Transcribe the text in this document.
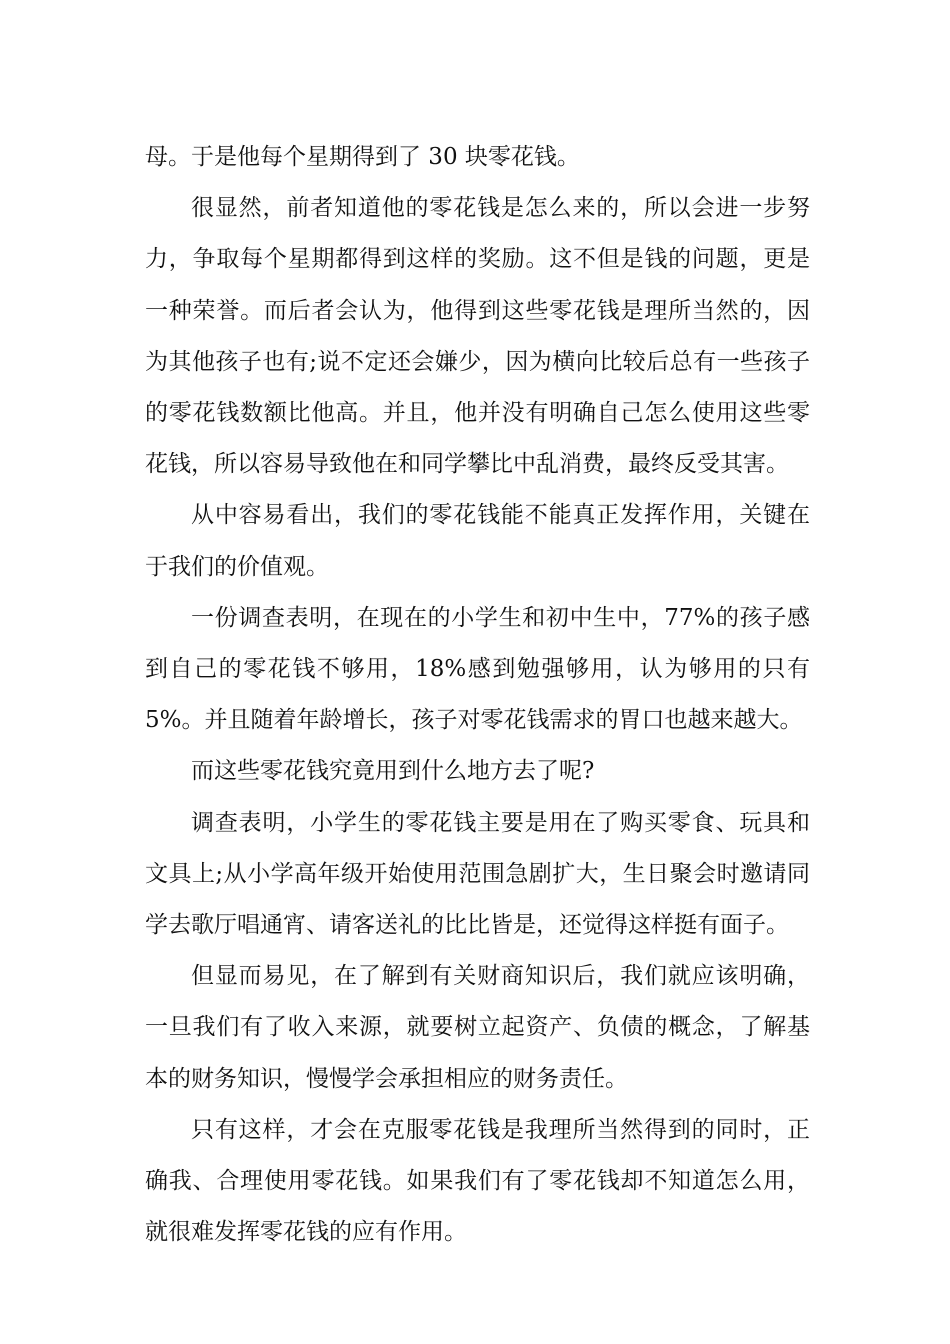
母。于是他每个星期得到了 30 块零花钱。

很显然，前者知道他的零花钱是怎么来的，所以会进一步努力，争取每个星期都得到这样的奖励。这不但是钱的问题，更是一种荣誉。而后者会认为，他得到这些零花钱是理所当然的，因为其他孩子也有;说不定还会嫌少，因为横向比较后总有一些孩子的零花钱数额比他高。并且，他并没有明确自己怎么使用这些零花钱，所以容易导致他在和同学攀比中乱消费，最终反受其害。

从中容易看出，我们的零花钱能不能真正发挥作用，关键在于我们的价值观。

一份调查表明，在现在的小学生和初中生中，77%的孩子感到自己的零花钱不够用，18%感到勉强够用，认为够用的只有 5%。并且随着年龄增长，孩子对零花钱需求的胃口也越来越大。

而这些零花钱究竟用到什么地方去了呢?

调查表明，小学生的零花钱主要是用在了购买零食、玩具和文具上;从小学高年级开始使用范围急剧扩大，生日聚会时邀请同学去歌厅唱通宵、请客送礼的比比皆是，还觉得这样挺有面子。

但显而易见，在了解到有关财商知识后，我们就应该明确，一旦我们有了收入来源，就要树立起资产、负债的概念，了解基本的财务知识，慢慢学会承担相应的财务责任。

只有这样，才会在克服零花钱是我理所当然得到的同时，正确我、合理使用零花钱。如果我们有了零花钱却不知道怎么用，就很难发挥零花钱的应有作用。
